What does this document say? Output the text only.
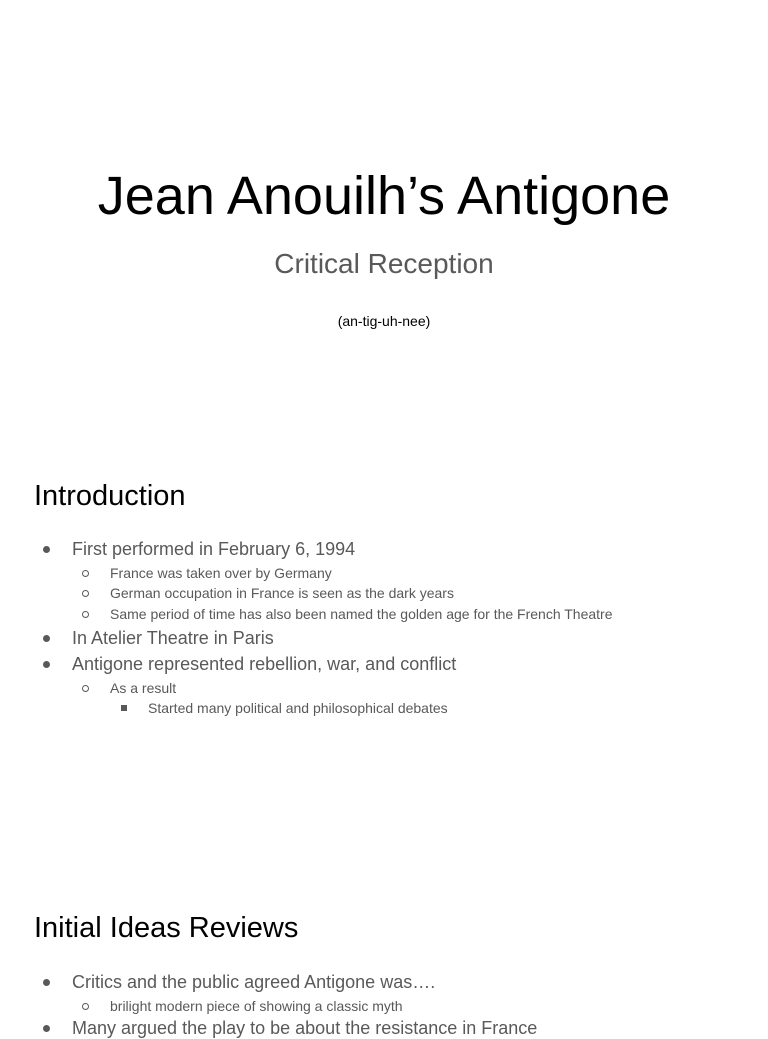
Jean Anouilh’s Antigone
Critical Reception
(an-tig-uh-nee)
Introduction
First performed in February 6, 1994
France was taken over by Germany
German occupation in France is seen as the dark years
Same period of time has also been named the golden age for the French Theatre
In Atelier Theatre in Paris
Antigone represented rebellion, war, and conflict
As a result
Started many political and philosophical debates
Initial Ideas Reviews
Critics and the public agreed Antigone was….
brilight modern piece of showing a classic myth
Many argued the play to be about the resistance in France
